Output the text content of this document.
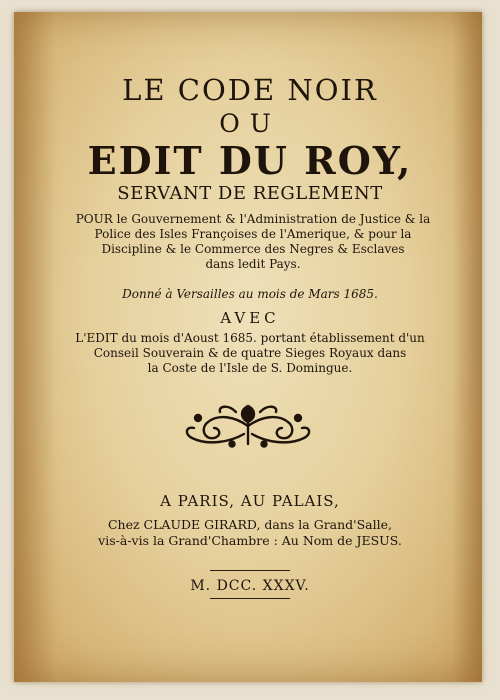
LE CODE NOIR
OU
EDIT DU ROY,
SERVANT DE REGLEMENT
POUR le Gouvernement & l'Administration de Justice & la
Police des Isles Françoises de l'Amerique, & pour la
Discipline & le Commerce des Negres & Esclaves
dans ledit Pays.
Donné à Versailles au mois de Mars 1685.
AVEC
L'EDIT du mois d'Aoust 1685. portant établissement d'un
Conseil Souverain & de quatre Sieges Royaux dans
la Coste de l'Isle de S. Domingue.
A PARIS, AU PALAIS,
Chez CLAUDE GIRARD, dans la Grand'Salle,
vis-à-vis la Grand'Chambre : Au Nom de JESUS.
M. DCC. XXXV.
